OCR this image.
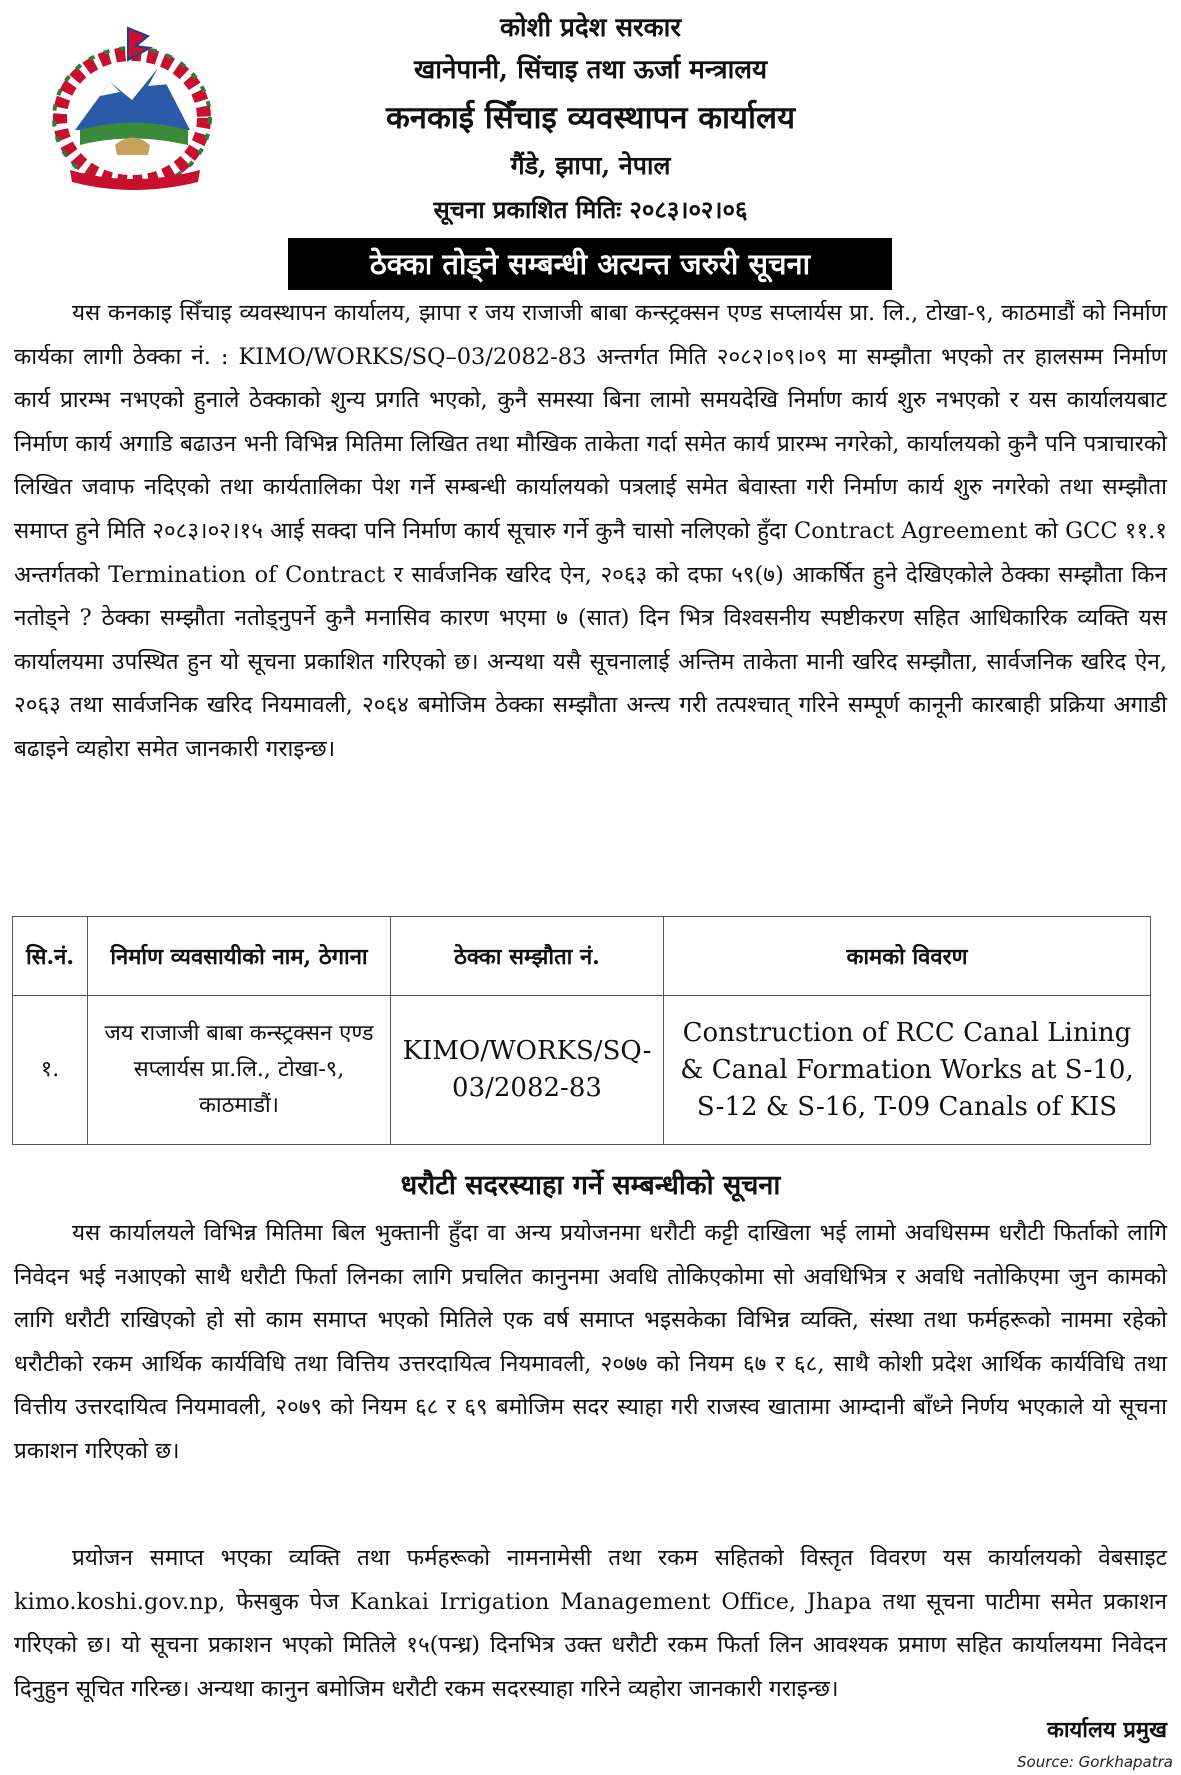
कोशी प्रदेश सरकार
खानेपानी, सिंचाइ तथा ऊर्जा मन्त्रालय
कनकाई सिँचाइ व्यवस्थापन कार्यालय
गैंडे, झापा, नेपाल
सूचना प्रकाशित मितिः २०८३।०२।०६
ठेक्का तोड्ने सम्बन्धी अत्यन्त जरुरी सूचना

यस कनकाइ सिँचाइ व्यवस्थापन कार्यालय, झापा र जय राजाजी बाबा कन्स्ट्रक्सन एण्ड सप्लार्यस प्रा. लि., टोखा-९, काठमाडौं को निर्माण कार्यका लागी ठेक्का नं. : KIMO/WORKS/SQ–03/2082-83 अन्तर्गत मिति २०८२।०९।०९ मा सम्झौता भएको तर हालसम्म निर्माण कार्य प्रारम्भ नभएको हुनाले ठेक्काको शुन्य प्रगति भएको, कुनै समस्या बिना लामो समयदेखि निर्माण कार्य शुरु नभएको र यस कार्यालयबाट निर्माण कार्य अगाडि बढाउन भनी विभिन्न मितिमा लिखित तथा मौखिक ताकेता गर्दा समेत कार्य प्रारम्भ नगरेको, कार्यालयको कुनै पनि पत्राचारको लिखित जवाफ नदिएको तथा कार्यतालिका पेश गर्ने सम्बन्धी कार्यालयको पत्रलाई समेत बेवास्ता गरी निर्माण कार्य शुरु नगरेको तथा सम्झौता समाप्त हुने मिति २०८३।०२।१५ आई सक्दा पनि निर्माण कार्य सूचारु गर्ने कुनै चासो नलिएको हुँदा Contract Agreement को GCC ११.१ अन्तर्गतको Termination of Contract र सार्वजनिक खरिद ऐन, २०६३ को दफा ५९(७) आकर्षित हुने देखिएकोले ठेक्का सम्झौता किन नतोड्ने ? ठेक्का सम्झौता नतोड्नुपर्ने कुनै मनासिव कारण भएमा ७ (सात) दिन भित्र विश्वसनीय स्पष्टीकरण सहित आधिकारिक व्यक्ति यस कार्यालयमा उपस्थित हुन यो सूचना प्रकाशित गरिएको छ। अन्यथा यसै सूचनालाई अन्तिम ताकेता मानी खरिद सम्झौता, सार्वजनिक खरिद ऐन, २०६३ तथा सार्वजनिक खरिद नियमावली, २०६४ बमोजिम ठेक्का सम्झौता अन्त्य गरी तत्पश्चात् गरिने सम्पूर्ण कानूनी कारबाही प्रक्रिया अगाडी बढाइने व्यहोरा समेत जानकारी गराइन्छ।

सि.नं.	निर्माण व्यवसायीको नाम, ठेगाना	ठेक्का सम्झौता नं.	कामको विवरण
१.	जय राजाजी बाबा कन्स्ट्रक्सन एण्ड सप्लार्यस प्रा.लि., टोखा-९, काठमाडौं।	KIMO/WORKS/SQ-03/2082-83	Construction of RCC Canal Lining & Canal Formation Works at S-10, S-12 & S-16, T-09 Canals of KIS
धरौटी सदरस्याहा गर्ने सम्बन्धीको सूचना

यस कार्यालयले विभिन्न मितिमा बिल भुक्तानी हुँदा वा अन्य प्रयोजनमा धरौटी कट्टी दाखिला भई लामो अवधिसम्म धरौटी फिर्ताको लागि निवेदन भई नआएको साथै धरौटी फिर्ता लिनका लागि प्रचलित कानुनमा अवधि तोकिएकोमा सो अवधिभित्र र अवधि नतोकिएमा जुन कामको लागि धरौटी राखिएको हो सो काम समाप्त भएको मितिले एक वर्ष समाप्त भइसकेका विभिन्न व्यक्ति, संस्था तथा फर्महरूको नाममा रहेको धरौटीको रकम आर्थिक कार्यविधि तथा वित्तिय उत्तरदायित्व नियमावली, २०७७ को नियम ६७ र ६८, साथै कोशी प्रदेश आर्थिक कार्यविधि तथा वित्तीय उत्तरदायित्व नियमावली, २०७९ को नियम ६८ र ६९ बमोजिम सदर स्याहा गरी राजस्व खातामा आम्दानी बाँध्ने निर्णय भएकाले यो सूचना प्रकाशन गरिएको छ।

प्रयोजन समाप्त भएका व्यक्ति तथा फर्महरूको नामनामेसी तथा रकम सहितको विस्तृत विवरण यस कार्यालयको वेबसाइट kimo.koshi.gov.np, फेसबुक पेज Kankai Irrigation Management Office, Jhapa तथा सूचना पाटीमा समेत प्रकाशन गरिएको छ। यो सूचना प्रकाशन भएको मितिले १५(पन्ध्र) दिनभित्र उक्त धरौटी रकम फिर्ता लिन आवश्यक प्रमाण सहित कार्यालयमा निवेदन दिनुहुन सूचित गरिन्छ। अन्यथा कानुन बमोजिम धरौटी रकम सदरस्याहा गरिने व्यहोरा जानकारी गराइन्छ।

कार्यालय प्रमुख
Source: Gorkhapatra
